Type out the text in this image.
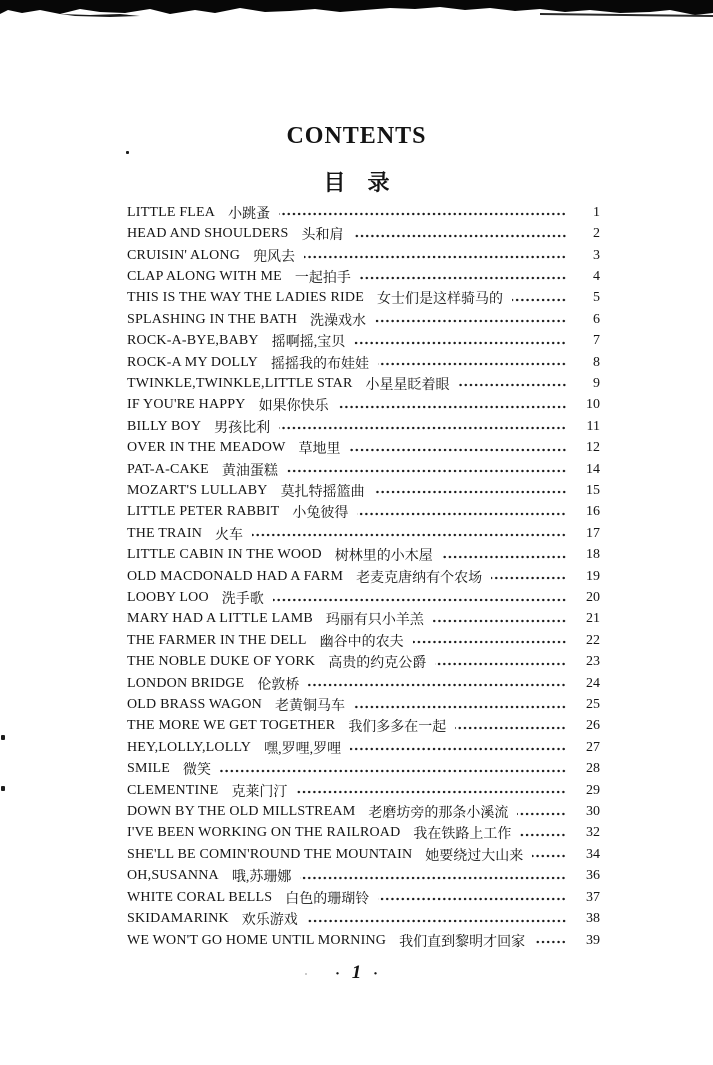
CONTENTS
目　录
LITTLE FLEA 小跳蚤	1
HEAD AND SHOULDERS 头和肩	2
CRUISIN' ALONG 兜风去	3
CLAP ALONG WITH ME 一起拍手	4
THIS IS THE WAY THE LADIES RIDE 女士们是这样骑马的	5
SPLASHING IN THE BATH 洗澡戏水	6
ROCK-A-BYE,BABY 摇啊摇,宝贝	7
ROCK-A MY DOLLY 摇摇我的布娃娃	8
TWINKLE,TWINKLE,LITTLE STAR 小星星眨着眼	9
IF YOU'RE HAPPY 如果你快乐	10
BILLY BOY 男孩比利	11
OVER IN THE MEADOW 草地里	12
PAT-A-CAKE 黄油蛋糕	14
MOZART'S LULLABY 莫扎特摇篮曲	15
LITTLE PETER RABBIT 小兔彼得	16
THE TRAIN 火车	17
LITTLE CABIN IN THE WOOD 树林里的小木屋	18
OLD MACDONALD HAD A FARM 老麦克唐纳有个农场	19
LOOBY LOO 洗手歌	20
MARY HAD A LITTLE LAMB 玛丽有只小羊羔	21
THE FARMER IN THE DELL 幽谷中的农夫	22
THE NOBLE DUKE OF YORK 高贵的约克公爵	23
LONDON BRIDGE 伦敦桥	24
OLD BRASS WAGON 老黄铜马车	25
THE MORE WE GET TOGETHER 我们多多在一起	26
HEY,LOLLY,LOLLY 嘿,罗哩,罗哩	27
SMILE 微笑	28
CLEMENTINE 克莱门汀	29
DOWN BY THE OLD MILLSTREAM 老磨坊旁的那条小溪流	30
I'VE BEEN WORKING ON THE RAILROAD 我在铁路上工作	32
SHE'LL BE COMIN'ROUND THE MOUNTAIN 她要绕过大山来	34
OH,SUSANNA 哦,苏珊娜	36
WHITE CORAL BELLS 白色的珊瑚铃	37
SKIDAMARINK 欢乐游戏	38
WE WON'T GO HOME UNTIL MORNING 我们直到黎明才回家	39
· 1 ·
